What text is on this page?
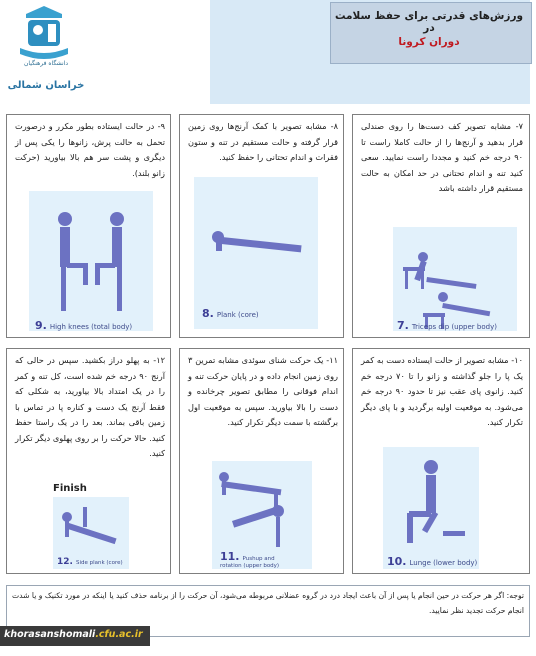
ورزش‌های قدرتی برای حفظ سلامت در
دوران کرونا
دانشگاه فرهنگیان
خراسان شمالی
۷- مشابه تصویر کف دست‌ها را روی صندلی قرار بدهید و آرنج‌ها را از حالت کاملا راست تا ۹۰ درجه خم کنید و مجددا راست نمایید. سعی کنید تنه و اندام تحتانی در حد امکان به حالت مستقیم قرار داشته باشد
7. Triceps dip (upper body)
۸- مشابه تصویر با کمک آرنج‌ها روی زمین قرار گرفته و حالت مستقیم در تنه و ستون فقرات و اندام تحتانی را حفظ کنید.
8. Plank (core)
۹- در حالت ایستاده بطور مکرر و درصورت تحمل به حالت پرش، زانوها را یکی پس از دیگری و پشت سر هم بالا بیاورید (حرکت زانو بلند).
9. High knees (total body)
۱۰- مشابه تصویر از حالت ایستاده دست به کمر یک پا را جلو گذاشته و زانو را تا ۷۰ درجه خم کنید. زانوی پای عقب نیز تا حدود ۹۰ درجه خم می‌شود. به موقعیت اولیه برگردید و با پای دیگر تکرار کنید.
10. Lunge (lower body)
۱۱- یک حرکت شنای سوئدی مشابه تمرین ۳ روی زمین انجام داده و در پایان حرکت تنه و اندام فوقانی را مطابق تصویر چرخانده و دست را بالا بیاورید. سپس به موقعیت اول برگشته با سمت دیگر تکرار کنید.
11. Pushup and rotation (upper body)
۱۲- به پهلو دراز بکشید. سپس در حالی که آرنج ۹۰ درجه خم شده است، کل تنه و کمر را در یک امتداد بالا بیاورید، به شکلی که فقط آرنج یک دست و کناره پا در تماس با زمین باقی بماند. بعد را در یک راستا حفظ کنید. حالا حرکت را بر روی پهلوی دیگر تکرار کنید.
Finish
12. Side plank (core)
توجه: اگر هر حرکت در حین انجام یا پس از آن باعث ایجاد درد در گروه عضلانی مربوطه می‌شود، آن حرکت را از برنامه حذف کنید یا اینکه در مورد تکنیک و یا شدت انجام حرکت تجدید نظر نمایید.
khorasanshomali.cfu.ac.ir
